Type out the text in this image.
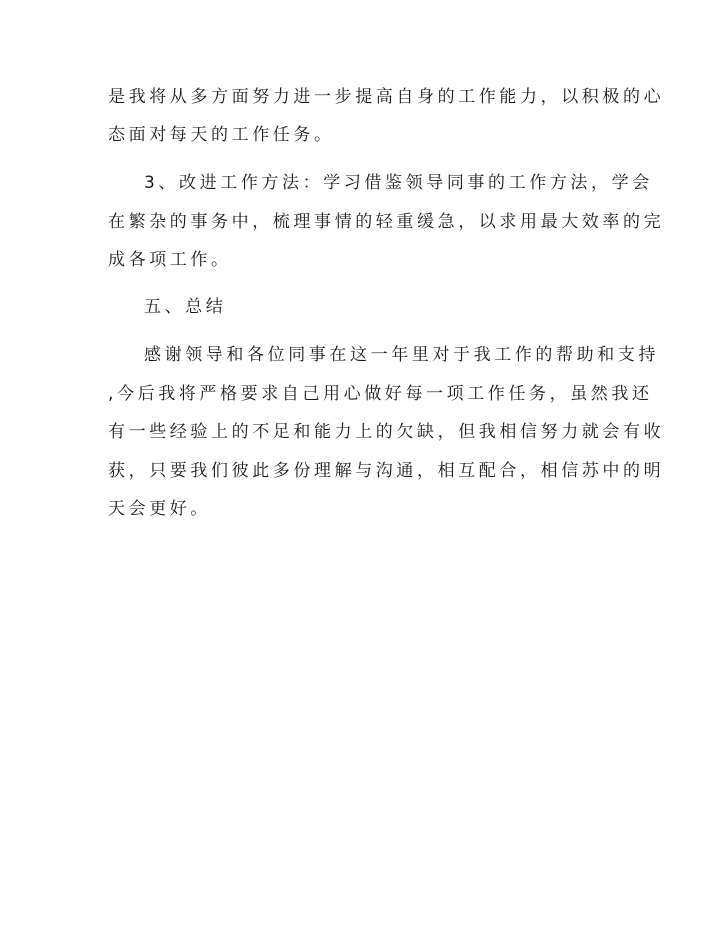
是我将从多方面努力进一步提高自身的工作能力，以积极的心
态面对每天的工作任务。
3、改进工作方法：学习借鉴领导同事的工作方法，学会
在繁杂的事务中，梳理事情的轻重缓急，以求用最大效率的完
成各项工作。
五、总结
感谢领导和各位同事在这一年里对于我工作的帮助和支持
,今后我将严格要求自己用心做好每一项工作任务，虽然我还
有一些经验上的不足和能力上的欠缺，但我相信努力就会有收
获，只要我们彼此多份理解与沟通，相互配合，相信苏中的明
天会更好。
